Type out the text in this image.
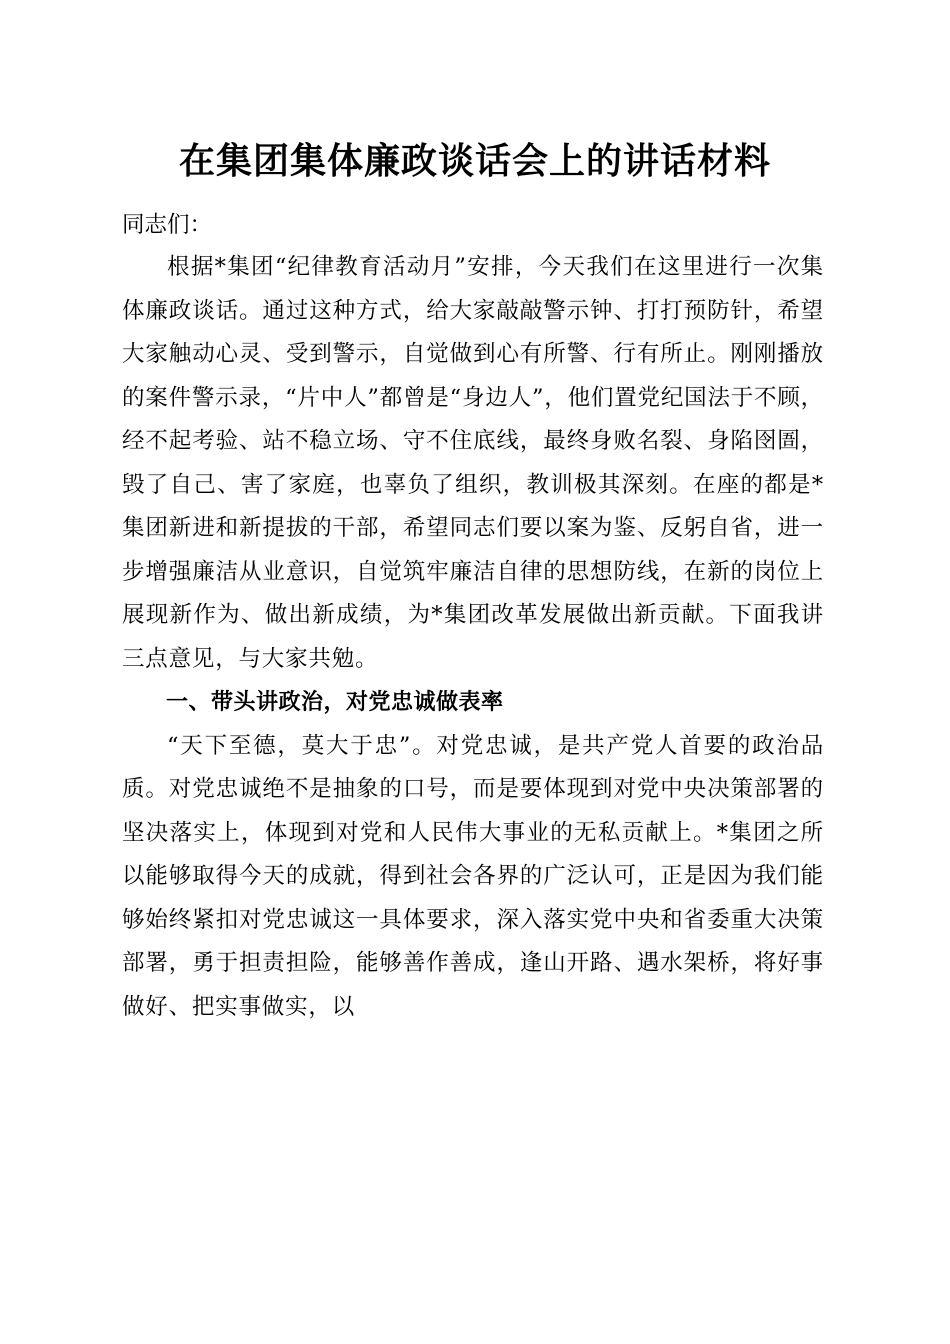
在集团集体廉政谈话会上的讲话材料

同志们：

根据*集团“纪律教育活动月”安排，今天我们在这里进行一次集体廉政谈话。通过这种方式，给大家敲敲警示钟、打打预防针，希望大家触动心灵、受到警示，自觉做到心有所警、行有所止。刚刚播放的案件警示录，“片中人”都曾是“身边人”，他们置党纪国法于不顾，经不起考验、站不稳立场、守不住底线，最终身败名裂、身陷囹圄，毁了自己、害了家庭，也辜负了组织，教训极其深刻。在座的都是*集团新进和新提拔的干部，希望同志们要以案为鉴、反躬自省，进一步增强廉洁从业意识，自觉筑牢廉洁自律的思想防线，在新的岗位上展现新作为、做出新成绩，为*集团改革发展做出新贡献。下面我讲三点意见，与大家共勉。

一、带头讲政治，对党忠诚做表率

“天下至德，莫大于忠”。对党忠诚，是共产党人首要的政治品质。对党忠诚绝不是抽象的口号，而是要体现到对党中央决策部署的坚决落实上，体现到对党和人民伟大事业的无私贡献上。*集团之所以能够取得今天的成就，得到社会各界的广泛认可，正是因为我们能够始终紧扣对党忠诚这一具体要求，深入落实党中央和省委重大决策部署，勇于担责担险，能够善作善成，逢山开路、遇水架桥，将好事做好、把实事做实，以
